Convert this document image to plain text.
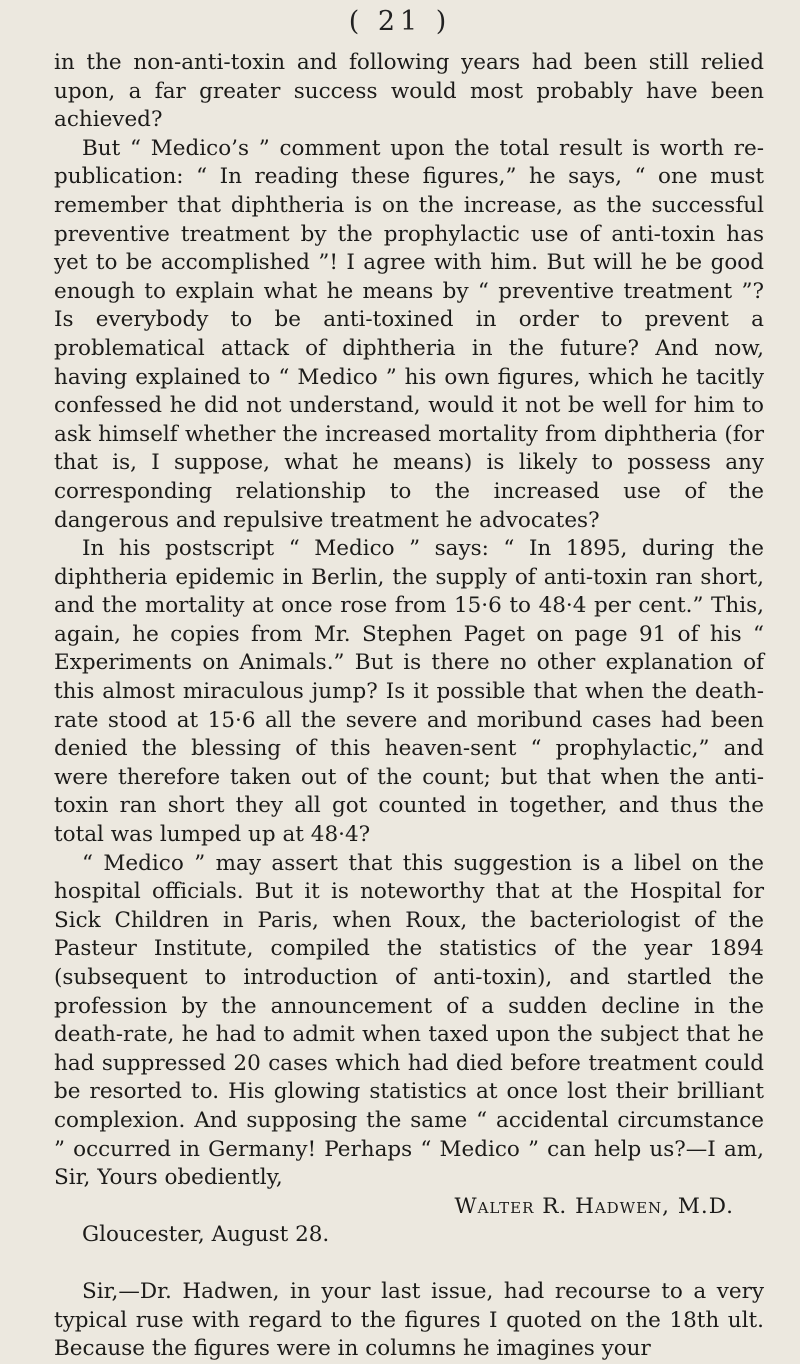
( 21 )

in the non-anti-toxin and following years had been still relied upon, a far greater success would most probably have been achieved?

But “ Medico’s ” comment upon the total result is worth re-publication: “ In reading these figures,” he says, “ one must remember that diphtheria is on the increase, as the successful preventive treatment by the prophylactic use of anti-toxin has yet to be accomplished ”! I agree with him. But will he be good enough to explain what he means by “ preventive treatment ”? Is everybody to be anti-toxined in order to prevent a problematical attack of diphtheria in the future? And now, having explained to “ Medico ” his own figures, which he tacitly confessed he did not understand, would it not be well for him to ask himself whether the increased mortality from diphtheria (for that is, I suppose, what he means) is likely to possess any corresponding relationship to the increased use of the dangerous and repulsive treatment he advocates?

In his postscript “ Medico ” says: “ In 1895, during the diphtheria epidemic in Berlin, the supply of anti-toxin ran short, and the mortality at once rose from 15·6 to 48·4 per cent.” This, again, he copies from Mr. Stephen Paget on page 91 of his “ Experiments on Animals.” But is there no other explanation of this almost miraculous jump? Is it possible that when the death-rate stood at 15·6 all the severe and moribund cases had been denied the blessing of this heaven-sent “ prophylactic,” and were therefore taken out of the count; but that when the anti-toxin ran short they all got counted in together, and thus the total was lumped up at 48·4?

“ Medico ” may assert that this suggestion is a libel on the hospital officials. But it is noteworthy that at the Hospital for Sick Children in Paris, when Roux, the bacteriologist of the Pasteur Institute, compiled the statistics of the year 1894 (subsequent to introduction of anti-toxin), and startled the profession by the announcement of a sudden decline in the death-rate, he had to admit when taxed upon the subject that he had suppressed 20 cases which had died before treatment could be resorted to. His glowing statistics at once lost their brilliant complexion. And supposing the same “ accidental circumstance ” occurred in Germany! Perhaps “ Medico ” can help us?—I am, Sir, Yours obediently,

Walter R. Hadwen, M.D.

Gloucester, August 28.

Sir,—Dr. Hadwen, in your last issue, had recourse to a very typical ruse with regard to the figures I quoted on the 18th ult. Because the figures were in columns he imagines your
